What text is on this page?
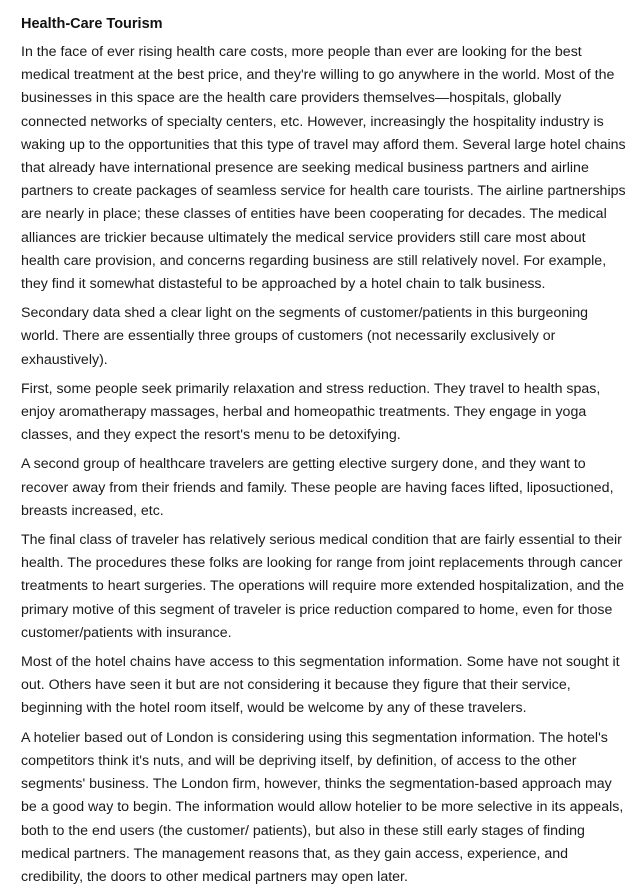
Health-Care Tourism

In the face of ever rising health care costs, more people than ever are looking for the best medical treatment at the best price, and they're willing to go anywhere in the world. Most of the businesses in this space are the health care providers themselves—hospitals, globally connected networks of specialty centers, etc. However, increasingly the hospitality industry is waking up to the opportunities that this type of travel may afford them. Several large hotel chains that already have international presence are seeking medical business partners and airline partners to create packages of seamless service for health care tourists. The airline partnerships are nearly in place; these classes of entities have been cooperating for decades. The medical alliances are trickier because ultimately the medical service providers still care most about health care provision, and concerns regarding business are still relatively novel. For example, they find it somewhat distasteful to be approached by a hotel chain to talk business.

Secondary data shed a clear light on the segments of customer/patients in this burgeoning world. There are essentially three groups of customers (not necessarily exclusively or exhaustively).

First, some people seek primarily relaxation and stress reduction. They travel to health spas, enjoy aromatherapy massages, herbal and homeopathic treatments. They engage in yoga classes, and they expect the resort's menu to be detoxifying.

A second group of healthcare travelers are getting elective surgery done, and they want to recover away from their friends and family. These people are having faces lifted, liposuctioned, breasts increased, etc.

The final class of traveler has relatively serious medical condition that are fairly essential to their health. The procedures these folks are looking for range from joint replacements through cancer treatments to heart surgeries. The operations will require more extended hospitalization, and the primary motive of this segment of traveler is price reduction compared to home, even for those customer/patients with insurance.

Most of the hotel chains have access to this segmentation information. Some have not sought it out. Others have seen it but are not considering it because they figure that their service, beginning with the hotel room itself, would be welcome by any of these travelers.

A hotelier based out of London is considering using this segmentation information. The hotel's competitors think it's nuts, and will be depriving itself, by definition, of access to the other segments' business. The London firm, however, thinks the segmentation-based approach may be a good way to begin. The information would allow hotelier to be more selective in its appeals, both to the end users (the customer/ patients), but also in these still early stages of finding medical partners. The management reasons that, as they gain access, experience, and credibility, the doors to other medical partners may open later.
